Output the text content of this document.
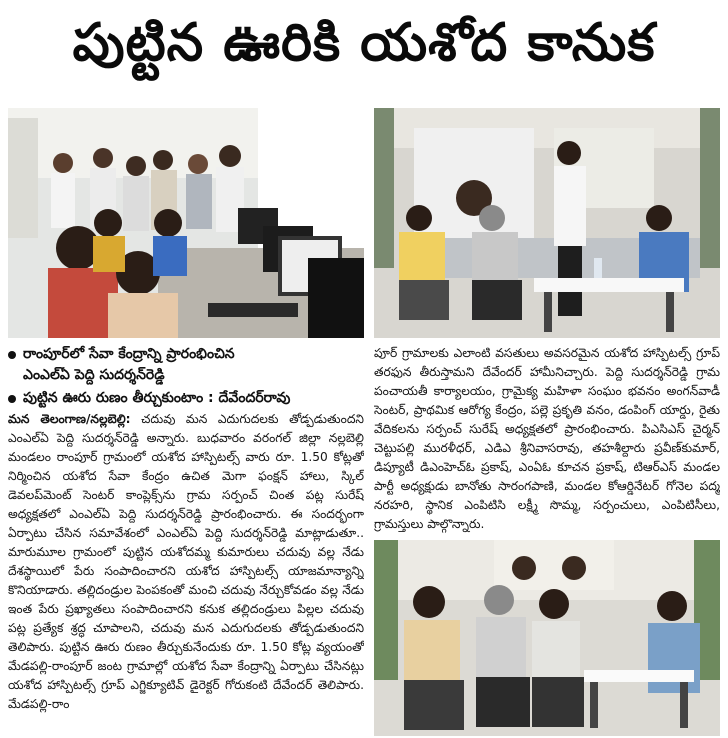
పుట్టిన ఊరికి యశోద కానుక
రాంపూర్‌లో సేవా కేంద్రాన్ని ప్రారంభించిన
ఎంఎల్‌ఏ పెద్ది సుదర్శన్‌రెడ్డి
పుట్టిన ఊరు రుణం తీర్చుకుంటాం : దేవేందర్‌రావు
మన తెలంగాణ/నల్లబెల్లి: చదువు మన ఎదుగుదలకు తోడ్పడుతుందని ఎంఎల్‌ఏ పెద్ది సుదర్శన్‌రెడ్డి అన్నారు. బుధవారం వరంగల్ జిల్లా నల్లబెల్లి మండలం రాంపూర్ గ్రామంలో యశోద హాస్పిటల్స్ వారు రూ. 1.50 కోట్లతో నిర్మించిన యశోద సేవా కేంద్రం ఉచిత మెగా ఫంక్షన్ హాలు, స్కిల్ డెవలప్‌మెంట్ సెంటర్ కాంప్లెక్స్‌ను గ్రామ సర్పంచ్ చింత పట్ల సురేష్ అధ్యక్షతలో ఎంఎల్‌ఏ పెద్ది సుదర్శన్‌రెడ్డి ప్రారంభించారు. ఈ సందర్భంగా ఏర్పాటు చేసిన సమావేశంలో ఎంఎల్‌ఏ పెద్ది సుదర్శన్‌రెడ్డి మాట్లాడుతూ.. మారుమూల గ్రామంలో పుట్టిన యశోదమ్మ కుమారులు చదువు వల్ల నేడు దేశస్థాయిలో పేరు సంపాదించారని యశోద హాస్పిటల్స్ యాజమాన్యాన్ని కొనియాడారు. తల్లిదండ్రుల పెంపకంతో మంచి చదువు నేర్చుకోవడం వల్ల నేడు ఇంత పేరు ప్రఖ్యాతలు సంపాదించారని కనుక తల్లిదండ్రులు పిల్లల చదువు పట్ల ప్రత్యేక శ్రద్ధ చూపాలని, చదువు మన ఎదుగుదలకు తోడ్పడుతుందని తెలిపారు. పుట్టిన ఊరు రుణం తీర్చుకునేందుకు రూ. 1.50 కోట్ల వ్యయంతో మేడపల్లి-రాంపూర్ జంట గ్రామాల్లో యశోద సేవా కేంద్రాన్ని ఏర్పాటు చేసినట్లు యశోద హాస్పిటల్స్ గ్రూప్ ఎగ్జిక్యూటివ్ డైరెక్టర్ గోరుకంటి దేవేందర్ తెలిపారు. మేడపల్లి-రాం
పూర్ గ్రామాలకు ఎలాంటి వసతులు అవసరమైన యశోద హాస్పిటల్స్ గ్రూప్ తరఫున తీరుస్తామని దేవేందర్ హామీనిచ్చారు. పెద్ది సుదర్శన్‌రెడ్డి గ్రామ పంచాయతీ కార్యాలయం, గ్రామైక్య మహిళా సంఘం భవనం అంగన్‌వాడీ సెంటర్, ప్రాథమిక ఆరోగ్య కేంద్రం, పల్లె ప్రకృతి వనం, డంపింగ్ యార్డు, రైతు వేదికలను సర్పంచ్ సురేష్ అధ్యక్షతలో ప్రారంభించారు. పిఎసిఎస్ చైర్మన్ చెట్టుపల్లి మురళీధర్, ఎడిఎ శ్రీనివాసరావు, తహశీల్దారు ప్రవీణ్‌కుమార్, డిప్యూటీ డిఎంహెచ్‌ఓ ప్రకాష్, ఎంఏఓ కూచన ప్రకాష్, టిఆర్‌ఎస్ మండల పార్టీ అధ్యక్షుడు బానోతు సారంగపాణి, మండల కోఆర్డినేటర్ గోనెల పద్మ నరహరి, స్థానిక ఎంపిటిసి లక్ష్మీ సొమ్మ, సర్పంచులు, ఎంపిటిసీలు, గ్రామస్తులు పాల్గొన్నారు.
